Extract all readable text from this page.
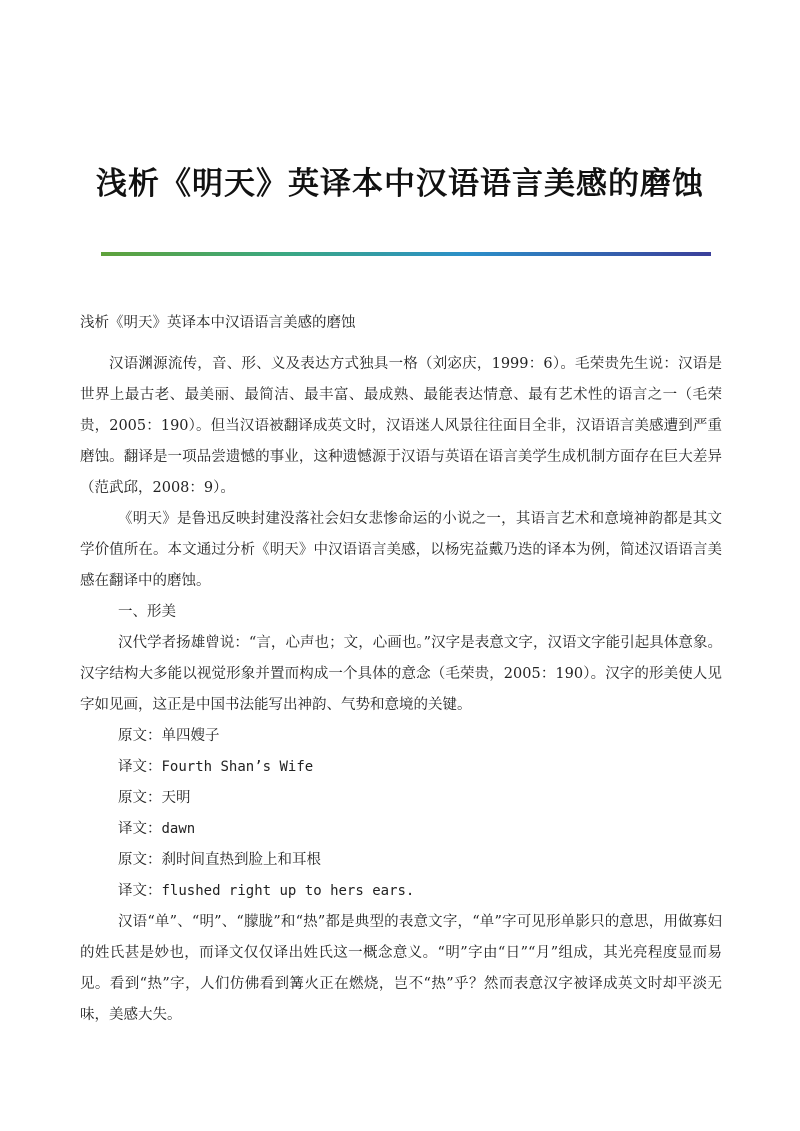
浅析《明天》英译本中汉语语言美感的磨蚀

浅析《明天》英译本中汉语语言美感的磨蚀

汉语渊源流传，音、形、义及表达方式独具一格（刘宓庆，1999：6）。毛荣贵先生说：汉语是世界上最古老、最美丽、最简洁、最丰富、最成熟、最能表达情意、最有艺术性的语言之一（毛荣贵，2005：190）。但当汉语被翻译成英文时，汉语迷人风景往往面目全非，汉语语言美感遭到严重磨蚀。翻译是一项品尝遗憾的事业，这种遗憾源于汉语与英语在语言美学生成机制方面存在巨大差异（范武邱，2008：9）。

《明天》是鲁迅反映封建没落社会妇女悲惨命运的小说之一，其语言艺术和意境神韵都是其文学价值所在。本文通过分析《明天》中汉语语言美感，以杨宪益戴乃迭的译本为例，简述汉语语言美感在翻译中的磨蚀。

一、形美

汉代学者扬雄曾说：“言，心声也；文，心画也。”汉字是表意文字，汉语文字能引起具体意象。汉字结构大多能以视觉形象并置而构成一个具体的意念（毛荣贵，2005：190）。汉字的形美使人见字如见画，这正是中国书法能写出神韵、气势和意境的关键。

原文：单四嫂子

译文：Fourth Shan’s Wife

原文：天明

译文：dawn

原文：刹时间直热到脸上和耳根

译文：flushed right up to hers ears.

汉语“单”、“明”、“朦胧”和“热”都是典型的表意文字，“单”字可见形单影只的意思，用做寡妇的姓氏甚是妙也，而译文仅仅译出姓氏这一概念意义。“明”字由“日”“月”组成，其光亮程度显而易见。看到“热”字，人们仿佛看到篝火正在燃烧，岂不“热”乎？然而表意汉字被译成英文时却平淡无味，美感大失。
